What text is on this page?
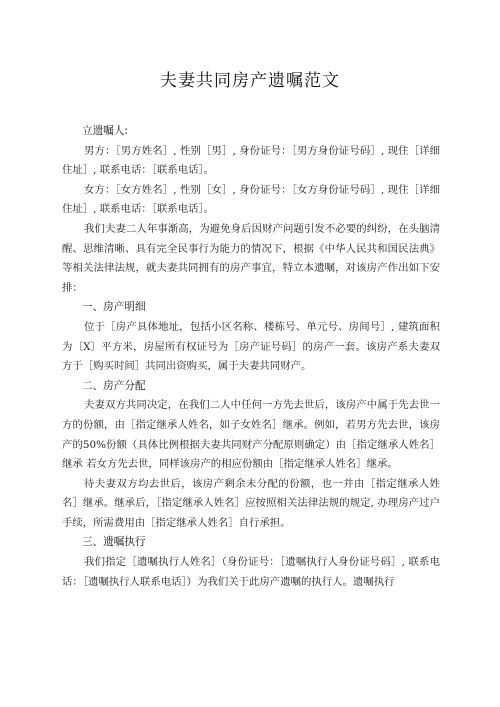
夫妻共同房产遗嘱范文
立遗嘱人:

男方：［男方姓名］, 性别［男］, 身份证号：［男方身份证号码］, 现住［详细住址］, 联系电话：［联系电话］。

女方：［女方姓名］, 性别［女］, 身份证号：［女方身份证号码］, 现住［详细住址］, 联系电话：［联系电话］。

我们夫妻二人年事渐高，为避免身后因财产问题引发不必要的纠纷，在头脑清醒、思维清晰、具有完全民事行为能力的情况下，根据《中华人民共和国民法典》等相关法律法规，就夫妻共同拥有的房产事宜，特立本遗嘱，对该房产作出如下安排：

一、房产明细

位于［房产具体地址，包括小区名称、楼栋号、单元号、房间号］, 建筑面积为〔X〕平方米，房屋所有权证号为［房产证号码］的房产一套。该房产系夫妻双方于［购买时间］共同出资购买，属于夫妻共同财产。

二、房产分配

夫妻双方共同决定，在我们二人中任何一方先去世后，该房产中属于先去世一方的份额，由［指定继承人姓名，如子女姓名］继承。例如，若男方先去世，该房产的50%份额（具体比例根据夫妻共同财产分配原则确定）由［指定继承人姓名］继承 若女方先去世，同样该房产的相应份额由［指定继承人姓名］继承。

待夫妻双方均去世后，该房产剩余未分配的份额，也一并由［指定继承人姓名］继承。继承后，［指定继承人姓名］应按照相关法律法规的规定, 办理房产过户手续，所需费用由［指定继承人姓名］自行承担。

三、遗嘱执行

我们指定［遗嘱执行人姓名］（身份证号：［遗嘱执行人身份证号码］, 联系电话：［遗嘱执行人联系电话］）为我们关于此房产遗嘱的执行人。遗嘱执行
